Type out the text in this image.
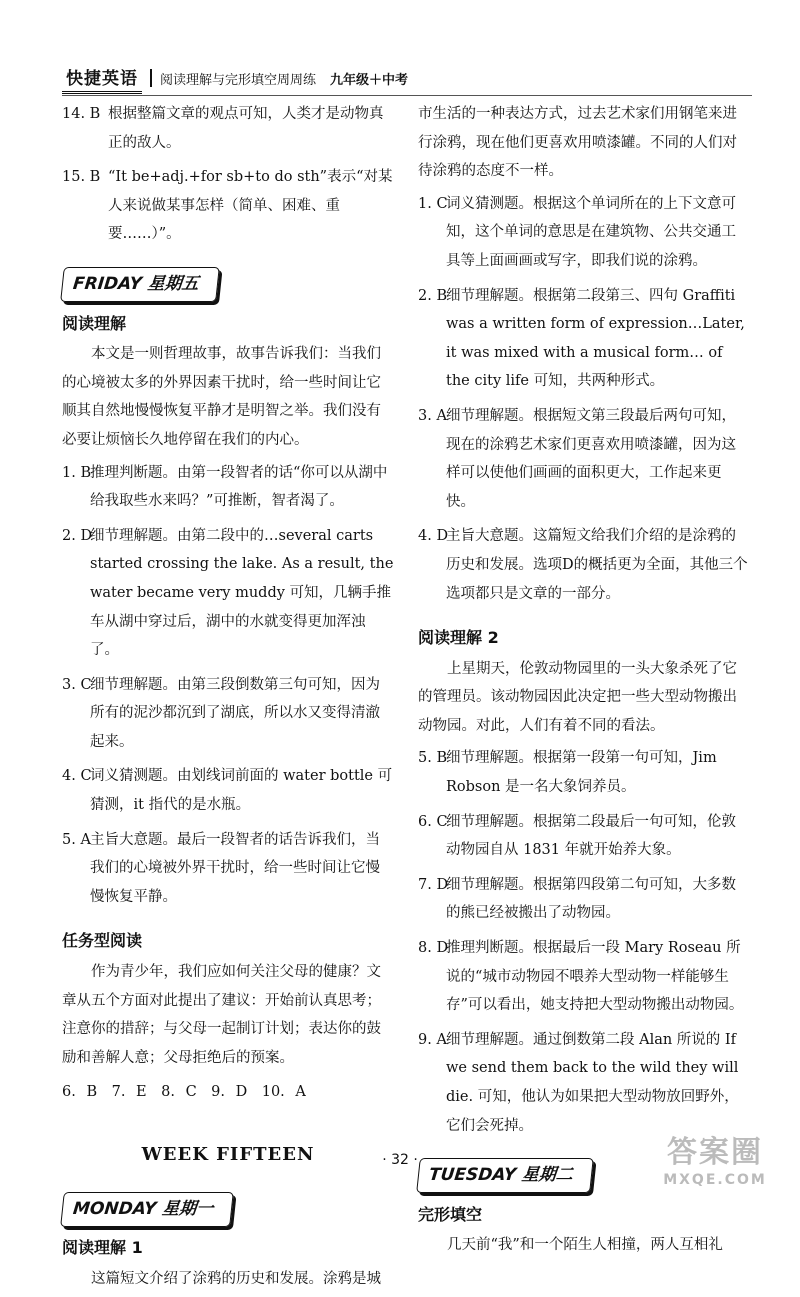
快捷英语	阅读理解与完形填空周周练 九年级＋中考

14. B 根据整篇文章的观点可知，人类才是动物真正的敌人。

15. B “It be+adj.+for sb+to do sth”表示“对某人来说做某事怎样（简单、困难、重要……）”。

FRIDAY 星期五
阅读理解

本文是一则哲理故事，故事告诉我们：当我们的心境被太多的外界因素干扰时，给一些时间让它顺其自然地慢慢恢复平静才是明智之举。我们没有必要让烦恼长久地停留在我们的内心。

1. B
推理判断题。由第一段智者的话“你可以从湖中给我取些水来吗？”可推断，智者渴了。

2. D
细节理解题。由第二段中的…several carts started crossing the lake. As a result, the water became very muddy 可知，几辆手推车从湖中穿过后，湖中的水就变得更加浑浊了。

3. C
细节理解题。由第三段倒数第三句可知，因为所有的泥沙都沉到了湖底，所以水又变得清澈起来。

4. C
词义猜测题。由划线词前面的 water bottle 可猜测，it 指代的是水瓶。

5. A 主旨大意题。最后一段智者的话告诉我们，当我们的心境被外界干扰时，给一些时间让它慢慢恢复平静。

任务型阅读

作为青少年，我们应如何关注父母的健康？文章从五个方面对此提出了建议：开始前认真思考；注意你的措辞；与父母一起制订计划；表达你的鼓励和善解人意；父母拒绝后的预案。

6. B　7. E　8. C　9. D　10. A

WEEK FIFTEEN
MONDAY 星期一
阅读理解 1

这篇短文介绍了涂鸦的历史和发展。涂鸦是城

市生活的一种表达方式，过去艺术家们用钢笔来进行涂鸦，现在他们更喜欢用喷漆罐。不同的人们对待涂鸦的态度不一样。

1. C
词义猜测题。根据这个单词所在的上下文意可知，这个单词的意思是在建筑物、公共交通工具等上面画画或写字，即我们说的涂鸦。

2. B
细节理解题。根据第二段第三、四句 Graffiti was a written form of expression…Later, it was mixed with a musical form… of the city life 可知，共两种形式。

3. A 细节理解题。根据短文第三段最后两句可知，现在的涂鸦艺术家们更喜欢用喷漆罐，因为这样可以使他们画画的面积更大，工作起来更快。

4. D
主旨大意题。这篇短文给我们介绍的是涂鸦的历史和发展。选项D的概括更为全面，其他三个选项都只是文章的一部分。

阅读理解 2

上星期天，伦敦动物园里的一头大象杀死了它的管理员。该动物园因此决定把一些大型动物搬出动物园。对此，人们有着不同的看法。

5. B
细节理解题。根据第一段第一句可知，Jim Robson 是一名大象饲养员。

6. C
细节理解题。根据第二段最后一句可知，伦敦动物园自从 1831 年就开始养大象。

7. D
细节理解题。根据第四段第二句可知，大多数的熊已经被搬出了动物园。

8. D
推理判断题。根据最后一段 Mary Roseau 所说的“城市动物园不喂养大型动物一样能够生存”可以看出，她支持把大型动物搬出动物园。

9. A 细节理解题。通过倒数第二段 Alan 所说的 If we send them back to the wild they will die. 可知，他认为如果把大型动物放回野外，它们会死掉。

TUESDAY 星期二
完形填空

几天前“我”和一个陌生人相撞，两人互相礼

· 32 ·	答案圈
MXQE.COM
